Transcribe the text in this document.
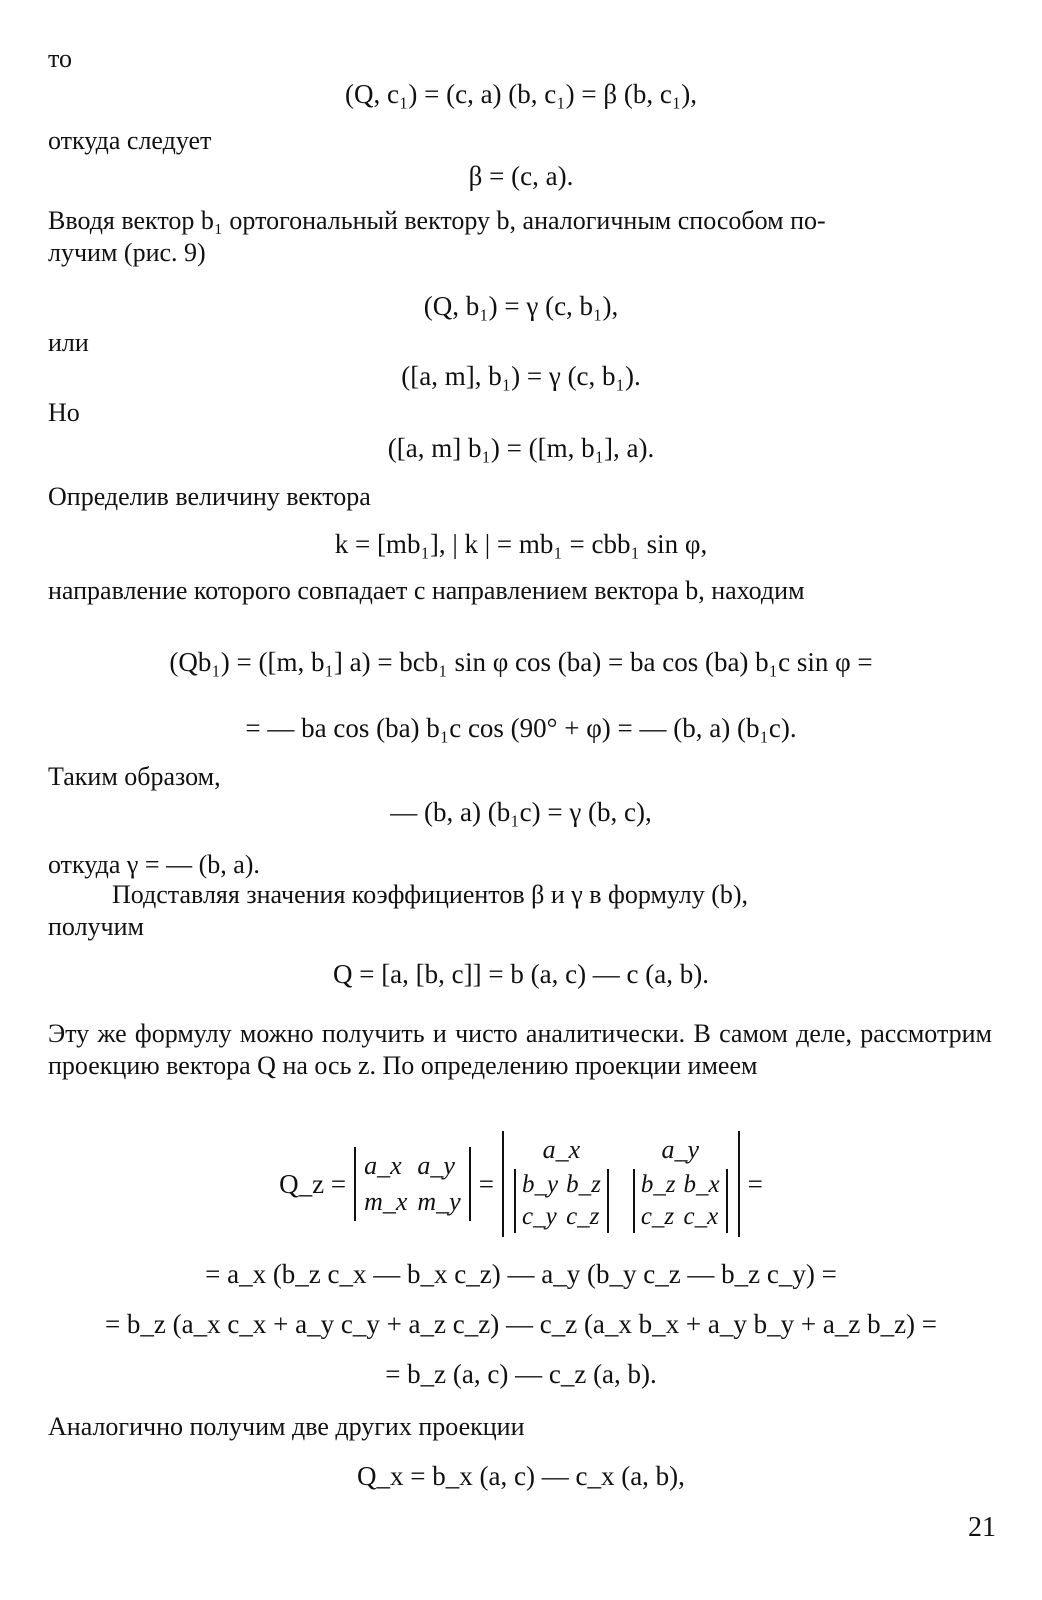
то
(Q, c₁) = (c, a) (b, c₁) = β (b, c₁),
откуда следует
β = (c, a).
Вводя вектор b₁ ортогональный вектору b, аналогичным способом по-
лучим (рис. 9)
(Q, b₁) = γ (c, b₁),
или
([a, m], b₁) = γ (c, b₁).
Но
([a, m] b₁) = ([m, b₁], a).
Определив величину вектора
k = [mb₁], | k | = mb₁ = cbb₁ sin φ,
направление которого совпадает с направлением вектора b, находим
(Qb₁) = ([m, b₁] a) = bcb₁ sin φ cos (ba) = ba cos (ba) b₁c sin φ =
= — ba cos (ba) b₁c cos (90° + φ) = — (b, a) (b₁c).
Таким образом,
— (b, a) (b₁c) = γ (b, c),
откуда γ = — (b, a).
Подставляя значения коэффициентов β и γ в формулу (b),
получим
Q = [a, [b, c]] = b (a, c) — c (a, b).
Эту же формулу можно получить и чисто аналитически. В самом деле, рассмотрим проекцию вектора Q на ось z. По определению проекции имеем
Q_z =
a_x a_y
m_x m_y
=
a_x
b_y b_z
c_y c_z
a_y
b_z b_x
c_z c_x
=
= a_x (b_z c_x — b_x c_z) — a_y (b_y c_z — b_z c_y) =
= b_z (a_x c_x + a_y c_y + a_z c_z) — c_z (a_x b_x + a_y b_y + a_z b_z) =
= b_z (a, c) — c_z (a, b).
Аналогично получим две других проекции
Q_x = b_x (a, c) — c_x (a, b),
21
